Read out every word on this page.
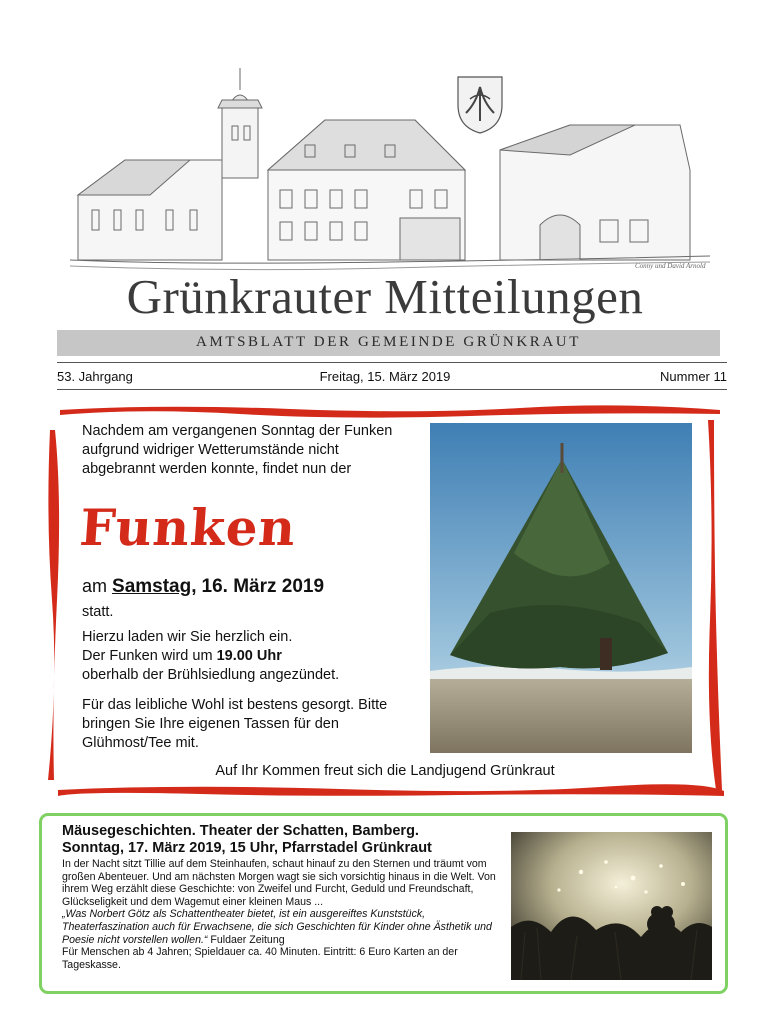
Conny und David Arnold
Grünkrauter Mitteilungen
AMTSBLATT DER GEMEINDE GRÜNKRAUT
53. Jahrgang	Freitag, 15. März 2019	Nummer 11
Nachdem am vergangenen Sonntag der Funken aufgrund widriger Wetterumstände nicht abgebrannt werden konnte, findet nun der
Funken
am Samstag, 16. März 2019
statt.
Hierzu laden wir Sie herzlich ein.
Der Funken wird um 19.00 Uhr
oberhalb der Brühlsiedlung angezündet.
Für das leibliche Wohl ist bestens gesorgt. Bitte bringen Sie Ihre eigenen Tassen für den Glühmost/Tee mit.
Auf Ihr Kommen freut sich die Landjugend Grünkraut
Mäusegeschichten. Theater der Schatten, Bamberg.
Sonntag, 17. März 2019, 15 Uhr, Pfarrstadel Grünkraut
In der Nacht sitzt Tillie auf dem Steinhaufen, schaut hinauf zu den Sternen und träumt vom großen Abenteuer. Und am nächsten Morgen wagt sie sich vorsichtig hinaus in die Welt. Von ihrem Weg erzählt diese Geschichte: von Zweifel und Furcht, Geduld und Freundschaft, Glückseligkeit und dem Wagemut einer kleinen Maus ...
„Was Norbert Götz als Schattentheater bietet, ist ein ausgereiftes Kunststück, Theaterfaszination auch für Erwachsene, die sich Geschichten für Kinder ohne Ästhetik und Poesie nicht vorstellen wollen.“ Fuldaer Zeitung
Für Menschen ab 4 Jahren; Spieldauer ca. 40 Minuten. Eintritt: 6 Euro Karten an der Tageskasse.
